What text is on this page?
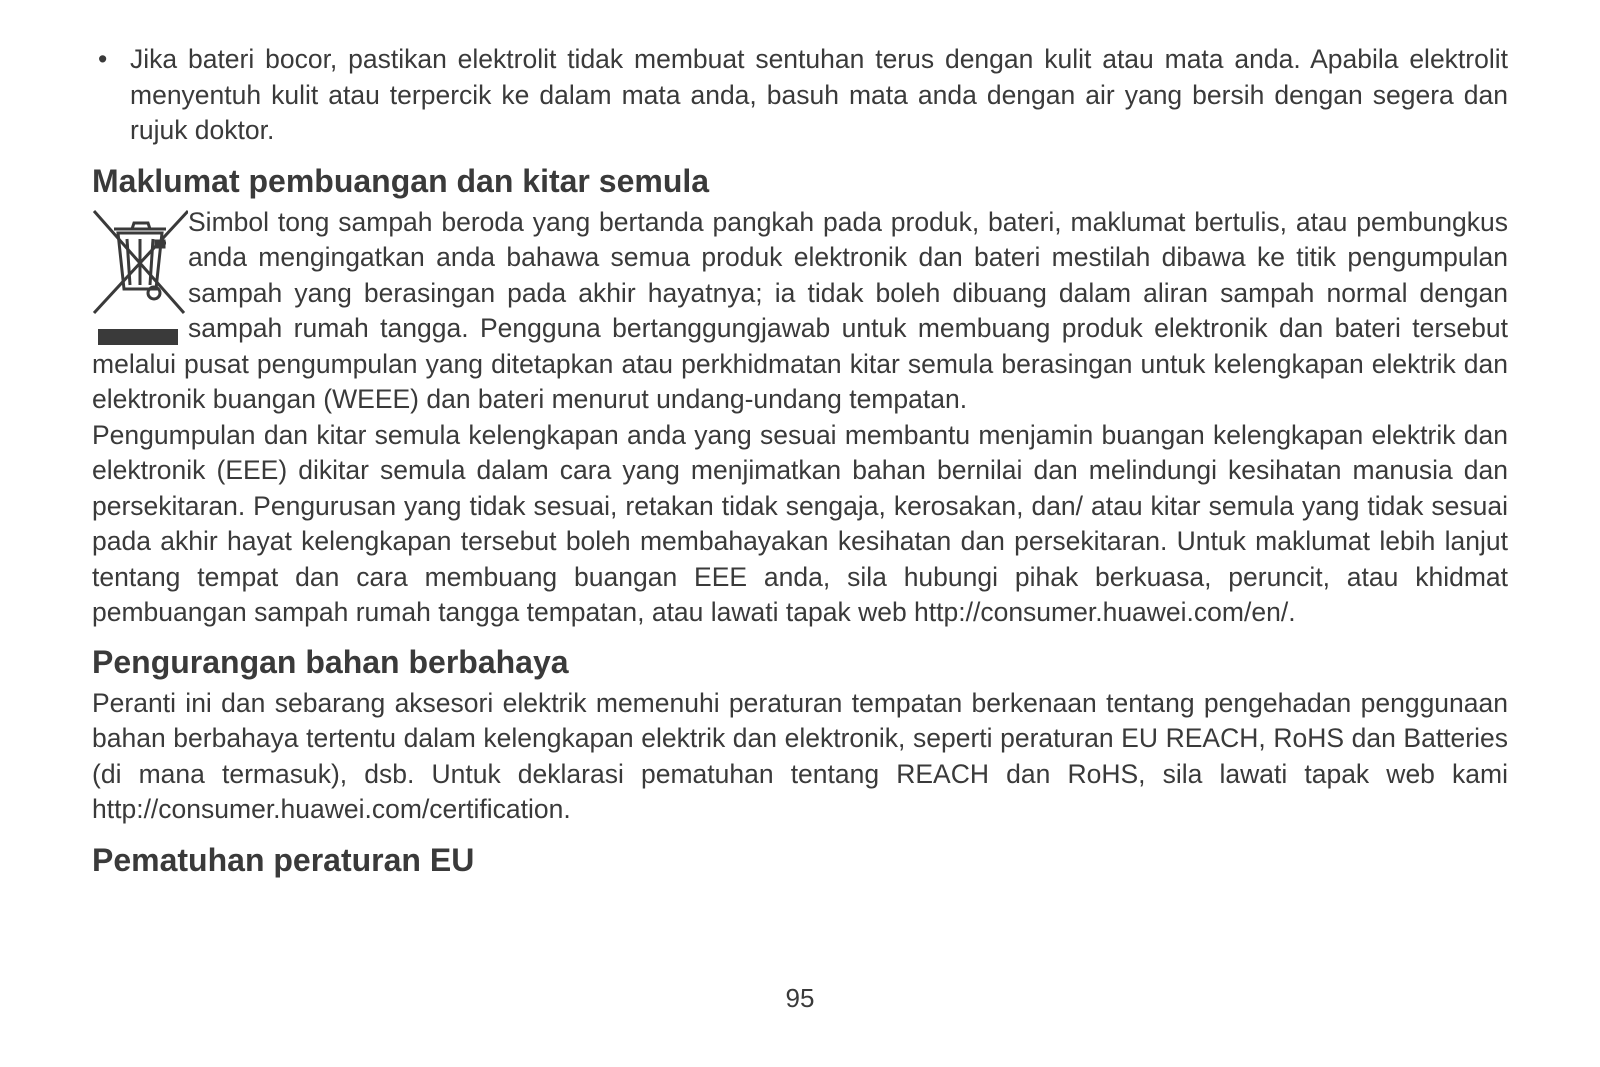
• Jika bateri bocor, pastikan elektrolit tidak membuat sentuhan terus dengan kulit atau mata anda. Apabila elektrolit menyentuh kulit atau terpercik ke dalam mata anda, basuh mata anda dengan air yang bersih dengan segera dan rujuk doktor.

Maklumat pembuangan dan kitar semula

Simbol tong sampah beroda yang bertanda pangkah pada produk, bateri, maklumat bertulis, atau pembungkus anda mengingatkan anda bahawa semua produk elektronik dan bateri mestilah dibawa ke titik pengumpulan sampah yang berasingan pada akhir hayatnya; ia tidak boleh dibuang dalam aliran sampah normal dengan sampah rumah tangga. Pengguna bertanggungjawab untuk membuang produk elektronik dan bateri tersebut melalui pusat pengumpulan yang ditetapkan atau perkhidmatan kitar semula berasingan untuk kelengkapan elektrik dan elektronik buangan (WEEE) dan bateri menurut undang-undang tempatan.

Pengumpulan dan kitar semula kelengkapan anda yang sesuai membantu menjamin buangan kelengkapan elektrik dan elektronik (EEE) dikitar semula dalam cara yang menjimatkan bahan bernilai dan melindungi kesihatan manusia dan persekitaran. Pengurusan yang tidak sesuai, retakan tidak sengaja, kerosakan, dan/ atau kitar semula yang tidak sesuai pada akhir hayat kelengkapan tersebut boleh membahayakan kesihatan dan persekitaran. Untuk maklumat lebih lanjut tentang tempat dan cara membuang buangan EEE anda, sila hubungi pihak berkuasa, peruncit, atau khidmat pembuangan sampah rumah tangga tempatan, atau lawati tapak web http://consumer.huawei.com/en/.

Pengurangan bahan berbahaya

Peranti ini dan sebarang aksesori elektrik memenuhi peraturan tempatan berkenaan tentang pengehadan penggunaan bahan berbahaya tertentu dalam kelengkapan elektrik dan elektronik, seperti peraturan EU REACH, RoHS dan Batteries (di mana termasuk), dsb. Untuk deklarasi pematuhan tentang REACH dan RoHS, sila lawati tapak web kami http://consumer.huawei.com/certification.

Pematuhan peraturan EU
95
